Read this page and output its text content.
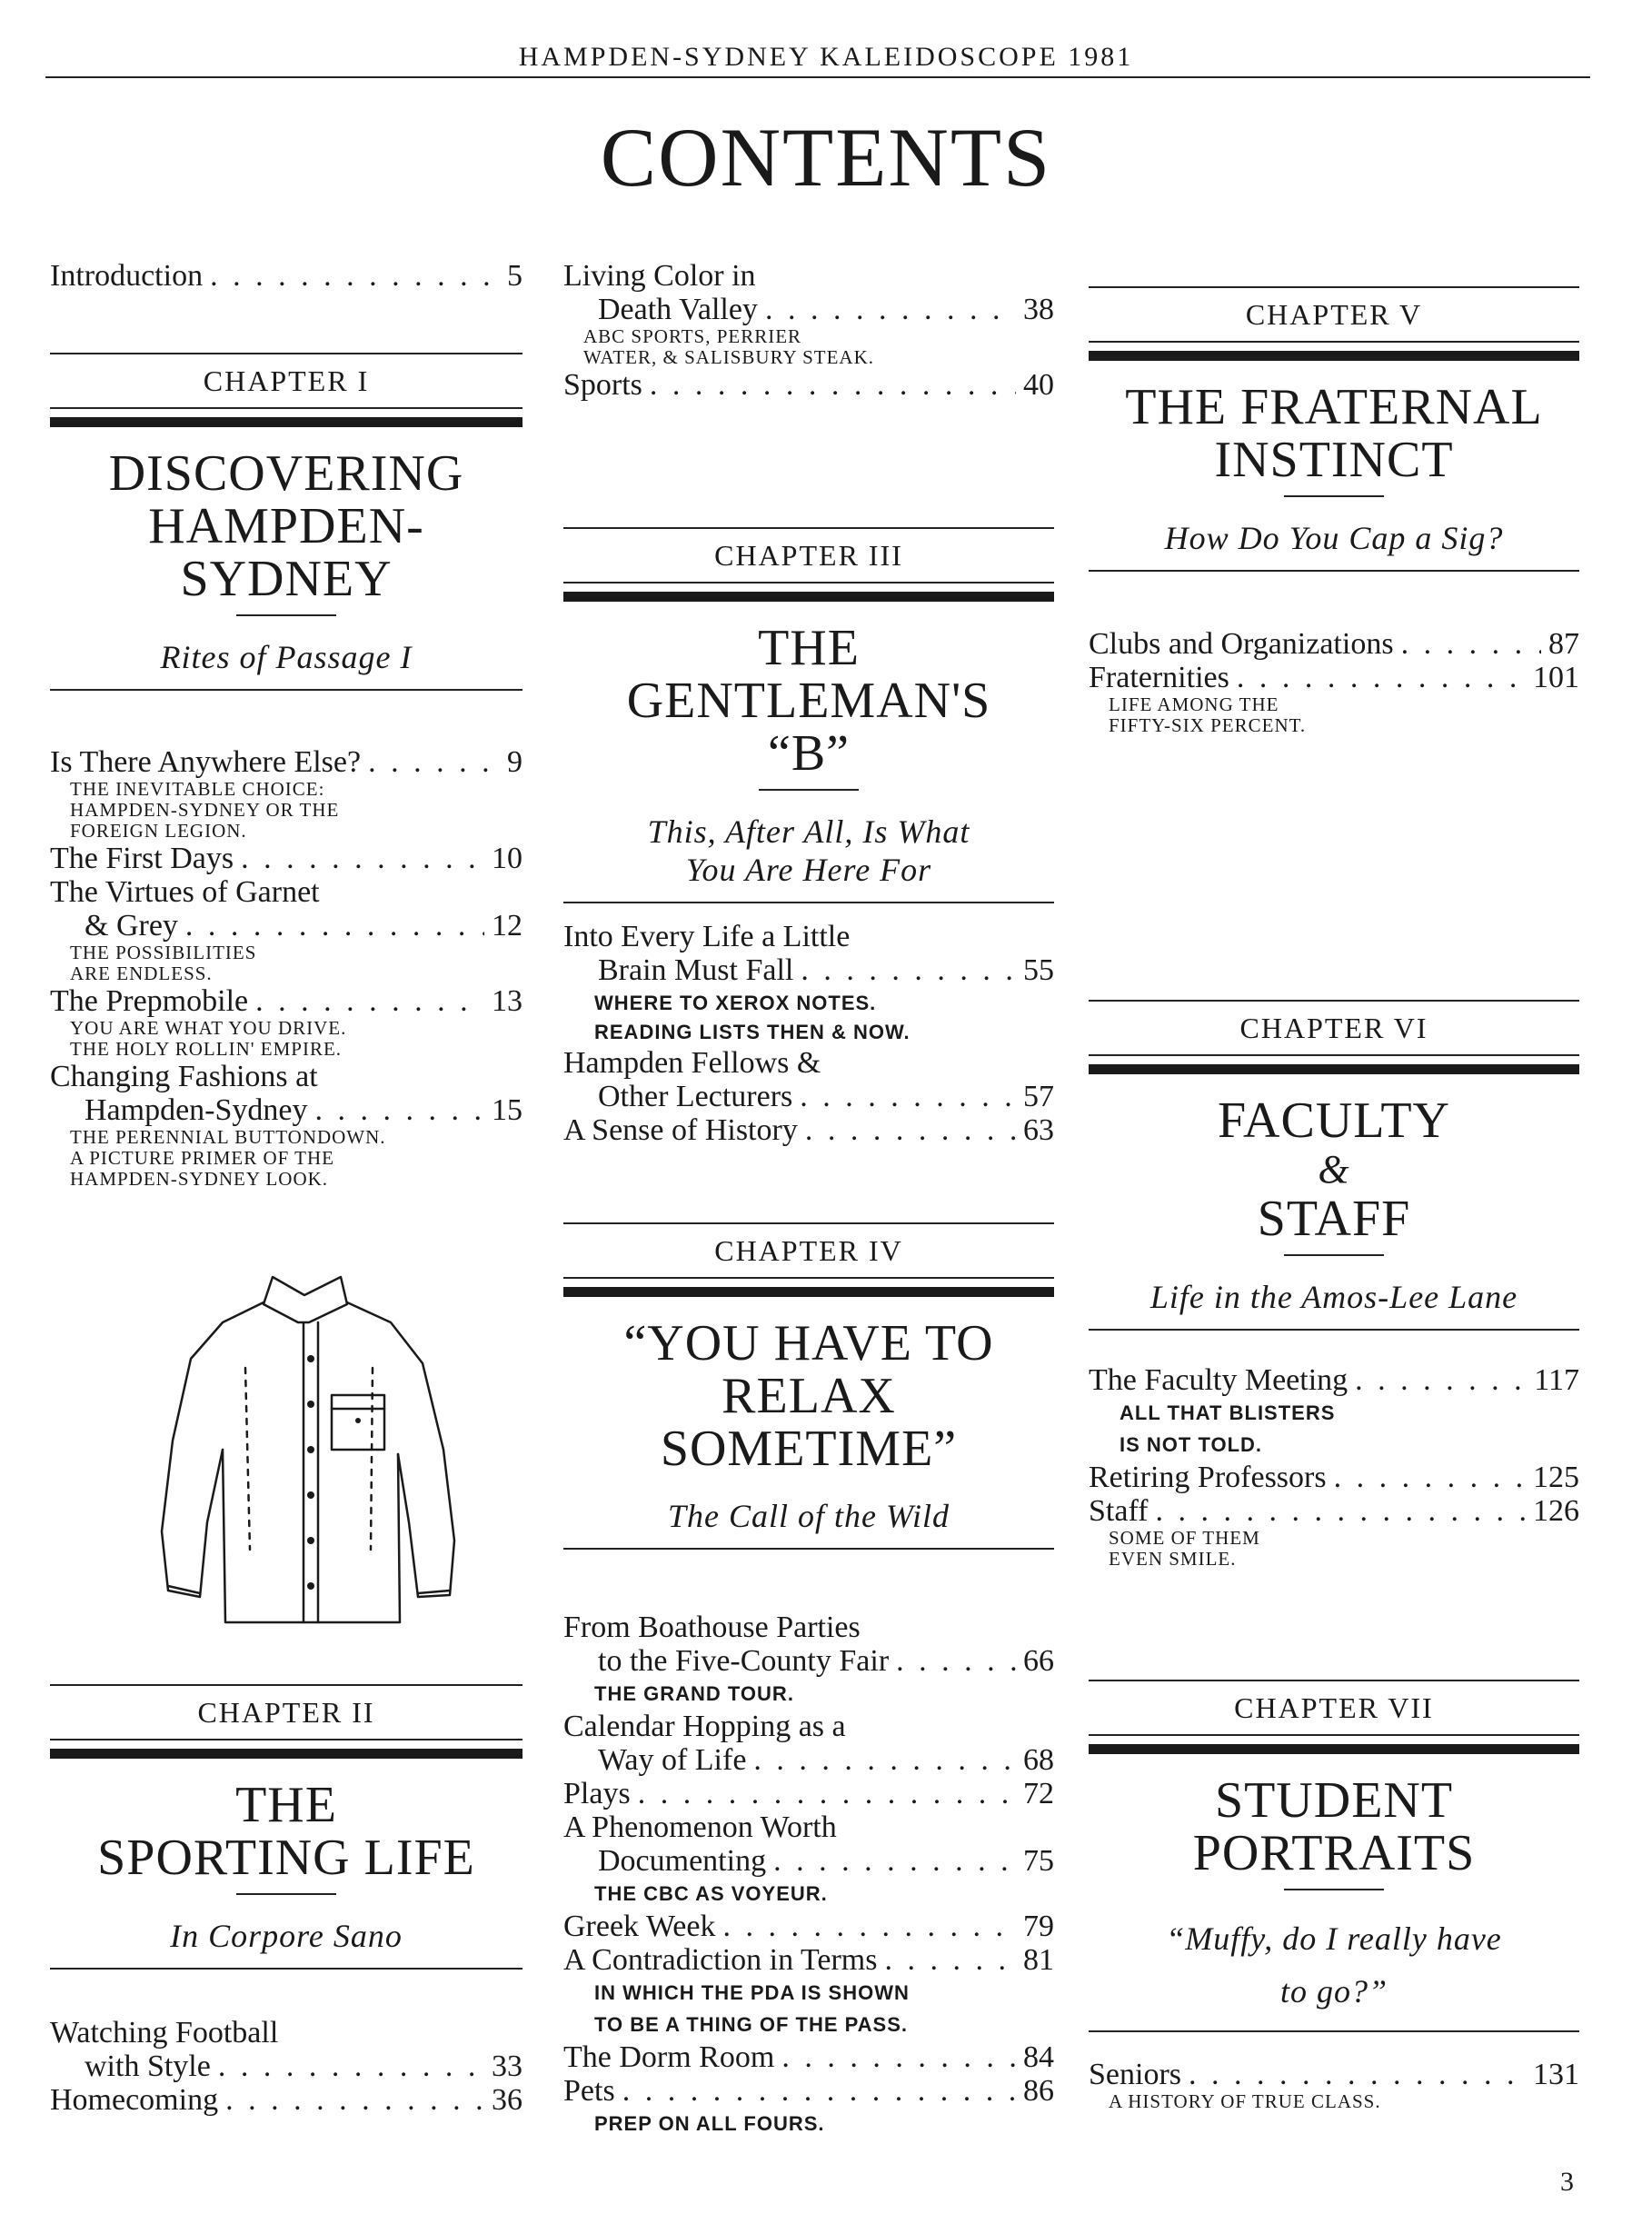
HAMPDEN-SYDNEY KALEIDOSCOPE 1981
CONTENTS
Introduction . . .	5
CHAPTER I
DISCOVERING
HAMPDEN-
SYDNEY
Rites of Passage I
Is There Anywhere Else? . . .	9
THE INEVITABLE CHOICE:
HAMPDEN-SYDNEY OR THE
FOREIGN LEGION.
The First Days . . .	10
The Virtues of Garnet
& Grey . . .	12
THE POSSIBILITIES
ARE ENDLESS.
The Prepmobile . . .	13
YOU ARE WHAT YOU DRIVE.
THE HOLY ROLLIN' EMPIRE.
Changing Fashions at
Hampden-Sydney . . .	15
THE PERENNIAL BUTTONDOWN.
A PICTURE PRIMER OF THE
HAMPDEN-SYDNEY LOOK.
CHAPTER II
THE
SPORTING LIFE
In Corpore Sano
Watching Football
with Style . . .	33
Homecoming . . .	36
Living Color in
Death Valley . . .	38
ABC SPORTS, PERRIER
WATER, & SALISBURY STEAK.
Sports . . .	40
CHAPTER III
THE
GENTLEMAN'S
“B”
This, After All, Is What
You Are Here For
Into Every Life a Little
Brain Must Fall . . .	55
WHERE TO XEROX NOTES.
READING LISTS THEN & NOW.
Hampden Fellows &
Other Lecturers . . .	57
A Sense of History . . .	63
CHAPTER IV
“YOU HAVE TO
RELAX
SOMETIME”
The Call of the Wild
From Boathouse Parties
to the Five-County Fair . . .	66
THE GRAND TOUR.
Calendar Hopping as a
Way of Life . . .	68
Plays . . .	72
A Phenomenon Worth
Documenting . . .	75
THE CBC AS VOYEUR.
Greek Week . . .	79
A Contradiction in Terms . . .	81
IN WHICH THE PDA IS SHOWN
TO BE A THING OF THE PASS.
The Dorm Room . . .	84
Pets . . .	86
PREP ON ALL FOURS.
CHAPTER V
THE FRATERNAL
INSTINCT
How Do You Cap a Sig?
Clubs and Organizations . . .	87
Fraternities . . .	101
LIFE AMONG THE
FIFTY-SIX PERCENT.
CHAPTER VI
FACULTY
&
STAFF
Life in the Amos-Lee Lane
The Faculty Meeting . . .	117
ALL THAT BLISTERS
IS NOT TOLD.
Retiring Professors . . .	125
Staff . . .	126
SOME OF THEM
EVEN SMILE.
CHAPTER VII
STUDENT
PORTRAITS
“Muffy, do I really have
to go?”
Seniors . . .	131
A HISTORY OF TRUE CLASS.
3
